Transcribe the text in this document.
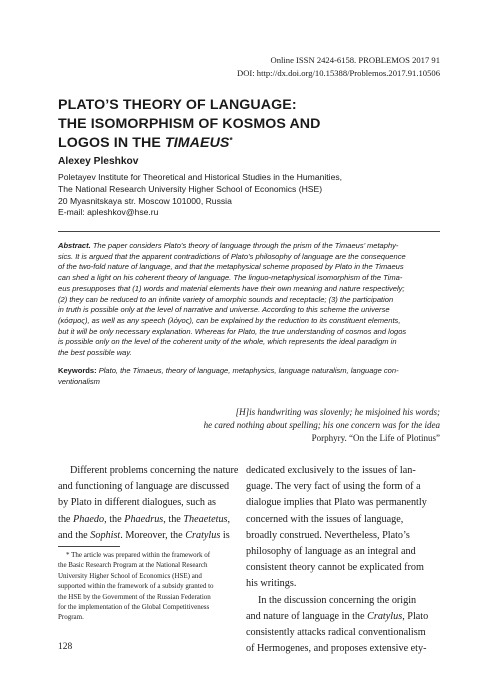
Online ISSN 2424-6158. PROBLEMOS 2017 91
DOI: http://dx.doi.org/10.15388/Problemos.2017.91.10506
PLATO’S THEORY OF LANGUAGE:
THE ISOMORPHISM OF KOSMOS AND
LOGOS IN THE TIMAEUS*
Alexey Pleshkov
Poletayev Institute for Theoretical and Historical Studies in the Humanities,
The National Research University Higher School of Economics (HSE)
20 Myasnitskaya str. Moscow 101000, Russia
E-mail: apleshkov@hse.ru
Abstract. The paper considers Plato’s theory of language through the prism of the Timaeus’ metaphy-
sics. It is argued that the apparent contradictions of Plato’s philosophy of language are the consequence
of the two-fold nature of language, and that the metaphysical scheme proposed by Plato in the Timaeus
can shed a light on his coherent theory of language. The linguo-metaphysical isomorphism of the Tima-
eus presupposes that (1) words and material elements have their own meaning and nature respectively;
(2) they can be reduced to an infinite variety of amorphic sounds and receptacle; (3) the participation
in truth is possible only at the level of narrative and universe. According to this scheme the universe
(κόσμος), as well as any speech (λόγος), can be explained by the reduction to its constituent elements,
but it will be only necessary explanation. Whereas for Plato, the true understanding of cosmos and logos
is possible only on the level of the coherent unity of the whole, which represents the ideal paradigm in
the best possible way.
Keywords: Plato, the Timaeus, theory of language, metaphysics, language naturalism, language con-
ventionalism
[H]is handwriting was slovenly; he misjoined his words;
he cared nothing about spelling; his one concern was for the idea
Porphyry. “On the Life of Plotinus”
Different problems concerning the nature
and functioning of language are discussed
by Plato in different dialogues, such as
the Phaedo, the Phaedrus, the Theaetetus,
and the Sophist. Moreover, the Cratylus is
* The article was prepared within the framework of
the Basic Research Program at the National Research
University Higher School of Economics (HSE) and
supported within the framework of a subsidy granted to
the HSE by the Government of the Russian Federation
for the implementation of the Global Competitiveness
Program.
dedicated exclusively to the issues of lan-
guage. The very fact of using the form of a
dialogue implies that Plato was permanently
concerned with the issues of language,
broadly construed. Nevertheless, Plato’s
philosophy of language as an integral and
consistent theory cannot be explicated from
his writings.
In the discussion concerning the origin
and nature of language in the Cratylus, Plato
consistently attacks radical conventionalism
of Hermogenes, and proposes extensive ety-
128
